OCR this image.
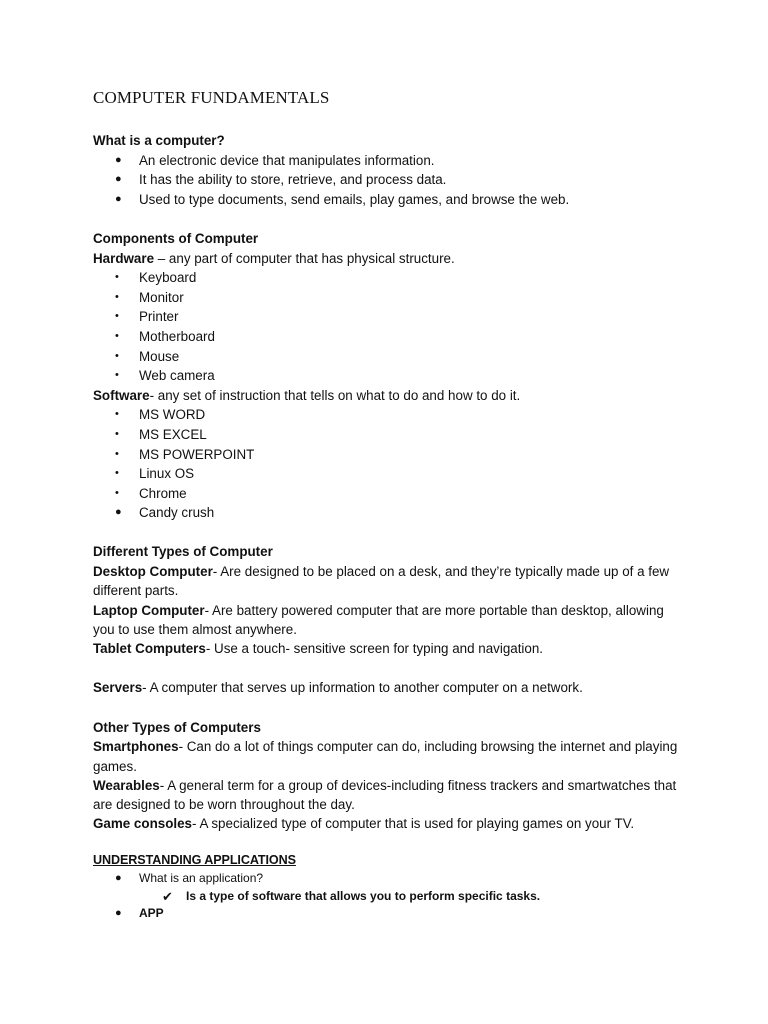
COMPUTER FUNDAMENTALS
What is a computer?
● An electronic device that manipulates information.
● It has the ability to store, retrieve, and process data.
● Used to type documents, send emails, play games, and browse the web.
Components of Computer
Hardware – any part of computer that has physical structure.
• Keyboard
• Monitor
• Printer
• Motherboard
• Mouse
• Web camera
Software- any set of instruction that tells on what to do and how to do it.
• MS WORD
• MS EXCEL
• MS POWERPOINT
• Linux OS
• Chrome
● Candy crush
Different Types of Computer
Desktop Computer- Are designed to be placed on a desk, and they’re typically made up of a few different parts.
Laptop Computer- Are battery powered computer that are more portable than desktop, allowing you to use them almost anywhere.
Tablet Computers- Use a touch- sensitive screen for typing and navigation.
Servers- A computer that serves up information to another computer on a network.
Other Types of Computers
Smartphones- Can do a lot of things computer can do, including browsing the internet and playing games.
Wearables- A general term for a group of devices-including fitness trackers and smartwatches that are designed to be worn throughout the day.
Game consoles- A specialized type of computer that is used for playing games on your TV.
UNDERSTANDING APPLICATIONS
● What is an application?
✔ Is a type of software that allows you to perform specific tasks.
● APP
